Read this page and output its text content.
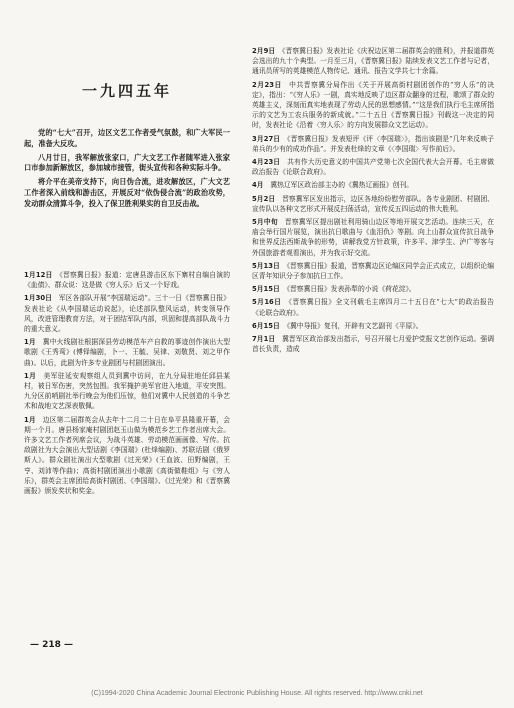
一九四五年

党的“七大”召开，边区文艺工作者受气氛鼓，和广大军民一起，准备大反攻。

八月廿日，我军解放张家口，广大文艺工作者随军进入张家口市参加新解放区，参加城市接管，街头宣传和各种实际斗争。

将介平在美帝支持下，向日伪合流，进攻解放区，广大文艺工作者深入前线和游击区，开展反对“依伪侵合流”的政治攻势，发动群众清算斗争，投入了保卫胜利果实的自卫反击战。

1月12日　 《晋察冀日报》报道：定唐县游击区东下寨村自编自演的《血债》、群众说：这是做《穷人乐》后又一个好戏。

1月30日　 军区各部队开展“李国瑞运动”。三十一日《晋察冀日报》发表社论《从李国瑞运动说起》，论述部队整风运动，转变领导作风，改进管理教育方法，对于团结军队内部，巩固和提高部队战斗力的重大意义。

1月　 冀中火线剧社根据深县劳动模范车产自救的事迹创作演出大型歌剧《王秀鸾》(傅铎编剧，卜一、王毓、吴律、刘敬贤、刘之甲作曲)。以后，此剧为许多专业剧团与村剧团演出。

1月　 美军驻延安观察组人员到冀中访问，在九分局驻地任邱县某村，被日军伤害，突然包围。我军掩护美军官进入地道，平安突围。九分区前哨剧社举行晚会为他们压惊，他们对冀中人民创造的斗争艺术和战地文艺深表敬佩。

1月　 边区第二届群英会从去年十二月二十日在阜平县隆重开幕，会期一个月。唐县杨家庵村剧团赵玉山做为模范乡艺工作者出席大会。许多文艺工作者列席会议，为战斗英雄、劳动模范画画像、写传。抗敌剧社为大会演出大型话剧《李国瑞》(杜烽编剧)、苏联话剧《俄罗斯人》。群众剧社演出大型歌剧《过光荣》(王血波、田野编剧，王亨、刘沛等作曲)；高街村剧团演出小歌剧《高街做鞋组》与《穷人乐》，群英会主席团给高街村剧团、《李国瑞》、《过光荣》和《晋察冀画报》颁发奖状和奖金。

— 218 —

2月9日　 《晋察冀日报》发表社论《庆祝边区第二届群英会的胜利》，并报道群英会选出的九十个典型。一月至三月，《晋察冀日报》陆续发表文艺工作者与记者，通讯员所写的英雄模范人物传记、通讯、报告文学共七十余篇。

2月23日　 中共晋察冀分局作出《关于开展高街村剧团创作的“穷人乐”的决定》，指出：“《穷人乐》一剧，真实地反映了边区群众翻身的过程，歌颂了群众的英雄主义，深刻而真实地表现了劳动人民的思想感情。”“这是我们执行毛主席所指示的文艺为工农兵服务的新成就。”二十五日《晋察冀日报》刊载这一决定的同时，发表社论《沿着〈穷人乐〉的方向发展群众文艺运动》。

3月27日　 《晋察冀日报》发表短评《评〈李国瑞〉》，指出该剧是“几年来反映子弟兵的少有的成功作品”。并发表杜烽的文章《〈李国瑞〉写作前后》。

4月23日　 共有作大历史意义的中国共产党第七次全国代表大会开幕。毛主席做政治报告《论联合政府》。

4月　 冀热辽军区政治部主办的《冀热辽画报》创刊。

5月2日　 晋察冀军区发出指示，边区各地纷纷慰劳部队。各专业剧团、村剧团、宣传队以各种文艺形式开展反扫荡活动，宣传反五四运动的伟大胜利。

5月中旬　 晋察冀军区提出剧社利用骑山边区等地开展文艺活动。连续三天，在庙会举行国片展览，演出抗日歌曲与《血泪仇》等剧。向上山群众宣传抗日战争和世界反法西斯战争的形势，讲解我党方针政策，许多平、津学生、泸广等客与外国旅游者观看演出，并为我示好交流。

5月13日　 《晋察冀日报》报道，晋察冀边区论编区同学会正式成立，以组织论编区青年知识分子参加抗日工作。

5月15日　 《晋察冀日报》发表孙犁的小说《荷花淀》。

5月16日　 《晋察冀日报》全文刊载毛主席四月二十五日在“七大”的政治报告《论联合政府》。

6月15日　 《冀中导报》复刊，开辟有文艺副刊《平原》。

7月1日　 冀晋军区政治部发出指示，号召开展七月爱护党报文艺创作运动。强调首长负责，造成

(C)1994-2020 China Academic Journal Electronic Publishing House. All rights reserved. http://www.cnki.net
